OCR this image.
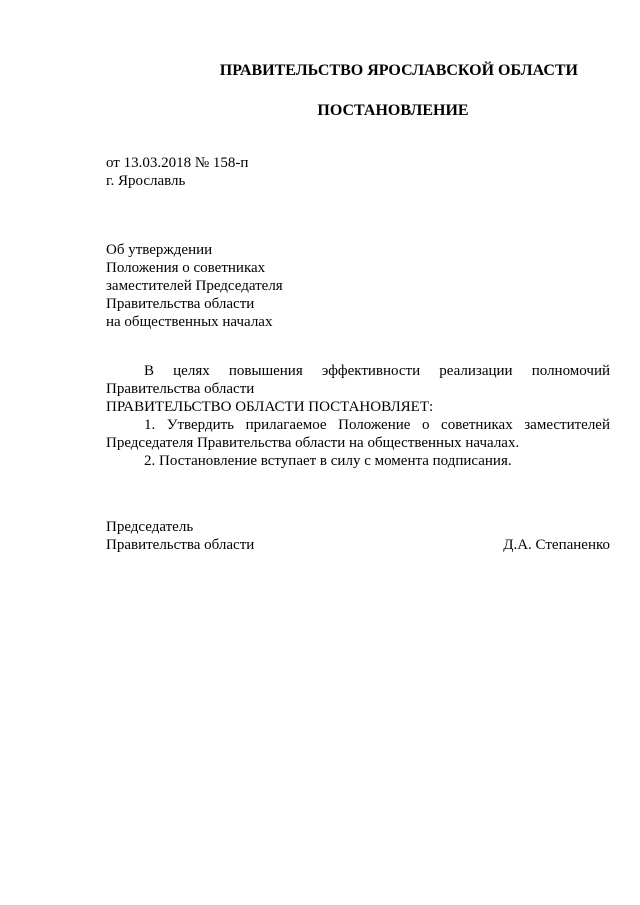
ПРАВИТЕЛЬСТВО ЯРОСЛАВСКОЙ ОБЛАСТИ
ПОСТАНОВЛЕНИЕ
от 13.03.2018 № 158-п
г. Ярославль
Об утверждении
Положения о советниках
заместителей Председателя
Правительства области
на общественных началах
В целях повышения эффективности реализации полномочий
Правительства области
ПРАВИТЕЛЬСТВО ОБЛАСТИ ПОСТАНОВЛЯЕТ:
1. Утвердить прилагаемое Положение о советниках заместителей Председателя Правительства области на общественных началах.
2. Постановление вступает в силу с момента подписания.
Председатель
Правительства области	Д.А. Степаненко
